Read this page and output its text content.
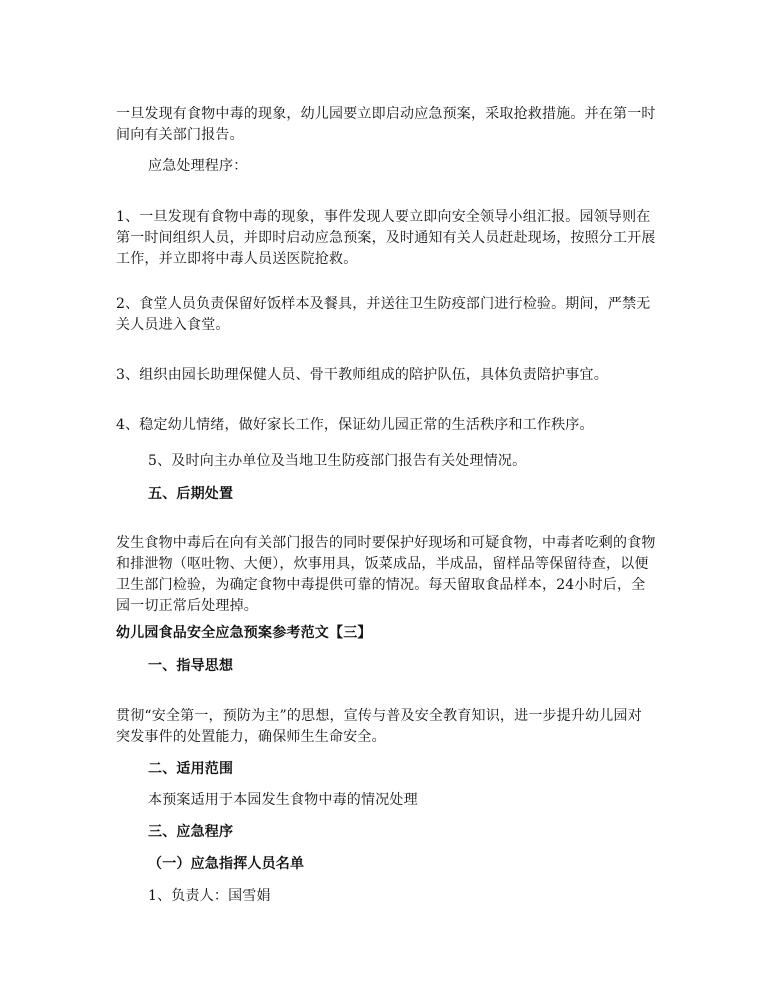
一旦发现有食物中毒的现象，幼儿园要立即启动应急预案，采取抢救措施。并在第一时间向有关部门报告。

应急处理程序：

1、一旦发现有食物中毒的现象，事件发现人要立即向安全领导小组汇报。园领导则在第一时间组织人员，并即时启动应急预案，及时通知有关人员赶赴现场，按照分工开展工作，并立即将中毒人员送医院抢救。

2、食堂人员负责保留好饭样本及餐具，并送往卫生防疫部门进行检验。期间，严禁无关人员进入食堂。

3、组织由园长助理保健人员、骨干教师组成的陪护队伍，具体负责陪护事宜。

4、稳定幼儿情绪，做好家长工作，保证幼儿园正常的生活秩序和工作秩序。

5、及时向主办单位及当地卫生防疫部门报告有关处理情况。

五、后期处置

发生食物中毒后在向有关部门报告的同时要保护好现场和可疑食物，中毒者吃剩的食物和排泄物（呕吐物、大便），炊事用具，饭菜成品，半成品，留样品等保留待查，以便卫生部门检验，为确定食物中毒提供可靠的情况。每天留取食品样本，24小时后，全园一切正常后处理掉。

幼儿园食品安全应急预案参考范文【三】

一、指导思想

贯彻“安全第一，预防为主”的思想，宣传与普及安全教育知识，进一步提升幼儿园对突发事件的处置能力，确保师生生命安全。

二、适用范围

本预案适用于本园发生食物中毒的情况处理

三、应急程序

（一）应急指挥人员名单

1、负责人：国雪娟
